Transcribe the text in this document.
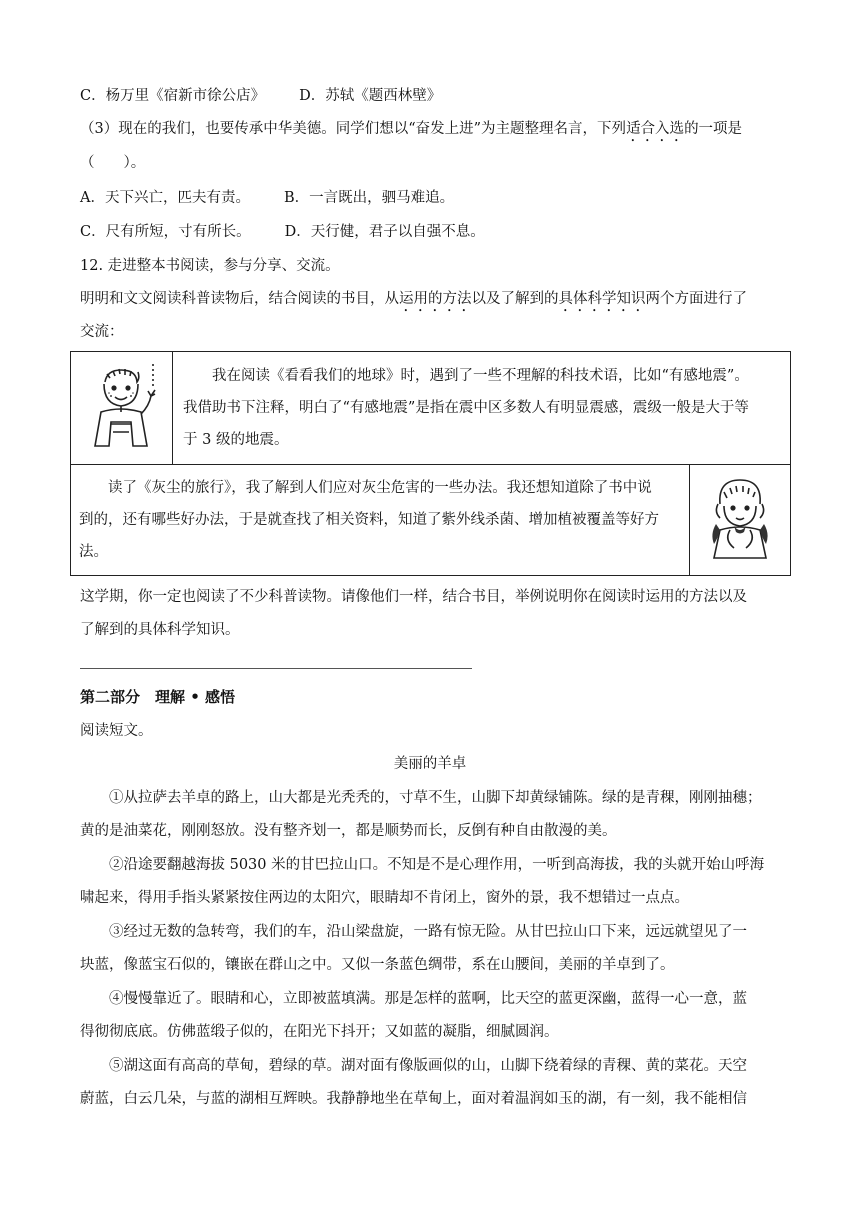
C．杨万里《宿新市徐公店》 D．苏轼《题西林壁》
（3）现在的我们，也要传承中华美德。同学们想以“奋发上进”为主题整理名言，下列适合入选的一项是
（　　）。
A．天下兴亡，匹夫有责。 B．一言既出，驷马难追。
C．尺有所短，寸有所长。 D．天行健，君子以自强不息。
12. 走进整本书阅读，参与分享、交流。
明明和文文阅读科普读物后，结合阅读的书目，从运用的方法以及了解到的具体科学知识两个方面进行了
交流：
　　我在阅读《看看我们的地球》时，遇到了一些不理解的科技术语，比如“有感地震”。
我借助书下注释，明白了“有感地震”是指在震中区多数人有明显震感，震级一般是大于等
于 3 级的地震。
　　读了《灰尘的旅行》，我了解到人们应对灰尘危害的一些办法。我还想知道除了书中说
到的，还有哪些好办法，于是就查找了相关资料，知道了紫外线杀菌、增加植被覆盖等好方
法。
这学期，你一定也阅读了不少科普读物。请像他们一样，结合书目，举例说明你在阅读时运用的方法以及
了解到的具体科学知识。
第二部分　理解 • 感悟
阅读短文。
美丽的羊卓
　　①从拉萨去羊卓的路上，山大都是光秃秃的，寸草不生，山脚下却黄绿铺陈。绿的是青稞，刚刚抽穗；
黄的是油菜花，刚刚怒放。没有整齐划一，都是顺势而长，反倒有种自由散漫的美。
　　②沿途要翻越海拔 5030 米的甘巴拉山口。不知是不是心理作用，一听到高海拔，我的头就开始山呼海
啸起来，得用手指头紧紧按住两边的太阳穴，眼睛却不肯闭上，窗外的景，我不想错过一点点。
　　③经过无数的急转弯，我们的车，沿山梁盘旋，一路有惊无险。从甘巴拉山口下来，远远就望见了一
块蓝，像蓝宝石似的，镶嵌在群山之中。又似一条蓝色绸带，系在山腰间，美丽的羊卓到了。
　　④慢慢靠近了。眼睛和心，立即被蓝填满。那是怎样的蓝啊，比天空的蓝更深幽，蓝得一心一意，蓝
得彻彻底底。仿佛蓝缎子似的，在阳光下抖开；又如蓝的凝脂，细腻圆润。
　　⑤湖这面有高高的草甸，碧绿的草。湖对面有像版画似的山，山脚下绕着绿的青稞、黄的菜花。天空
蔚蓝，白云几朵，与蓝的湖相互辉映。我静静地坐在草甸上，面对着温润如玉的湖，有一刻，我不能相信
